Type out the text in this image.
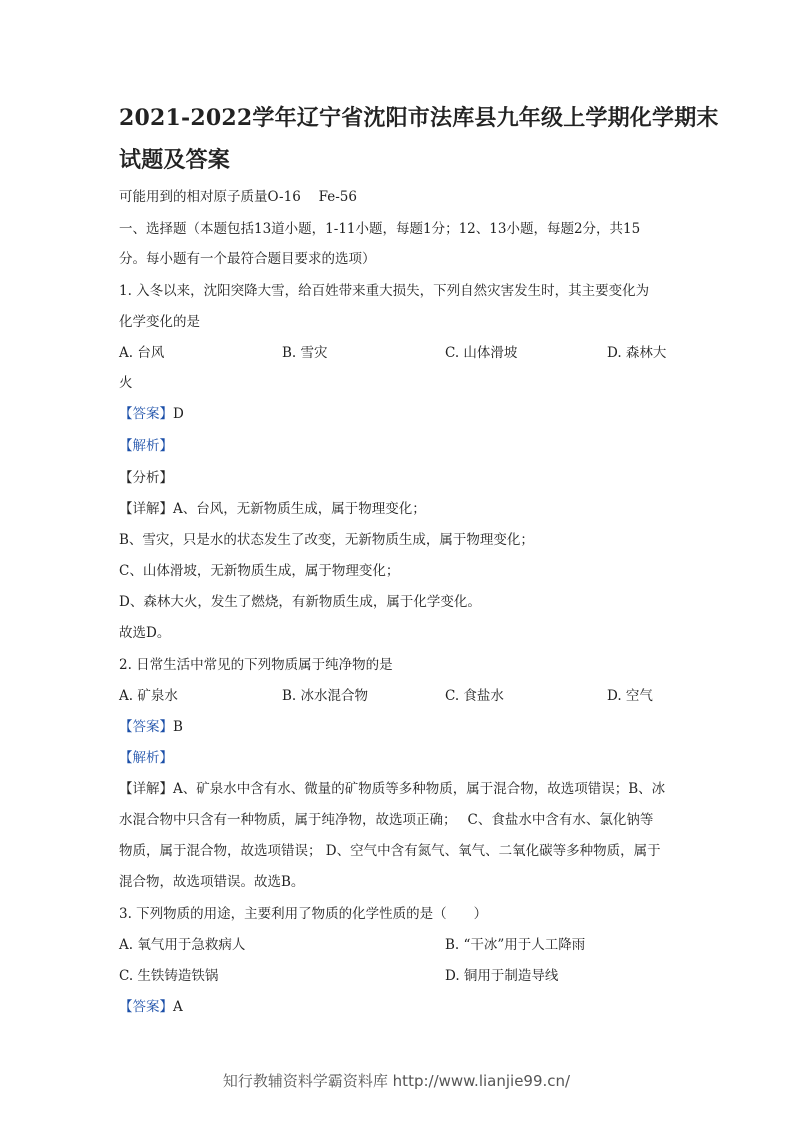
2021-2022学年辽宁省沈阳市法库县九年级上学期化学期末
试题及答案
可能用到的相对原子质量O-16　 Fe-56
一、选择题（本题包括13道小题，1-11小题，每题1分；12、13小题，每题2分，共15
分。每小题有一个最符合题目要求的选项）
1. 入冬以来，沈阳突降大雪，给百姓带来重大损失，下列自然灾害发生时，其主要变化为
化学变化的是
A. 台风	B. 雪灾	C. 山体滑坡	D. 森林大
火
【答案】D
【解析】
【分析】
【详解】A、台风，无新物质生成，属于物理变化；
B、雪灾，只是水的状态发生了改变，无新物质生成，属于物理变化；
C、山体滑坡，无新物质生成，属于物理变化；
D、森林大火，发生了燃烧，有新物质生成，属于化学变化。
故选D。
2. 日常生活中常见的下列物质属于纯净物的是
A. 矿泉水	B. 冰水混合物	C. 食盐水	D. 空气
【答案】B
【解析】
【详解】A、矿泉水中含有水、微量的矿物质等多种物质，属于混合物，故选项错误；B、冰
水混合物中只含有一种物质，属于纯净物，故选项正确；　 C、食盐水中含有水、氯化钠等
物质，属于混合物，故选项错误； D、空气中含有氮气、氧气、二氧化碳等多种物质，属于
混合物，故选项错误。故选B。
3. 下列物质的用途，主要利用了物质的化学性质的是（　　）
A. 氧气用于急救病人	B. “干冰”用于人工降雨
C. 生铁铸造铁锅	D. 铜用于制造导线
【答案】A
知行教辅资料学霸资料库 http://www.lianjie99.cn/
